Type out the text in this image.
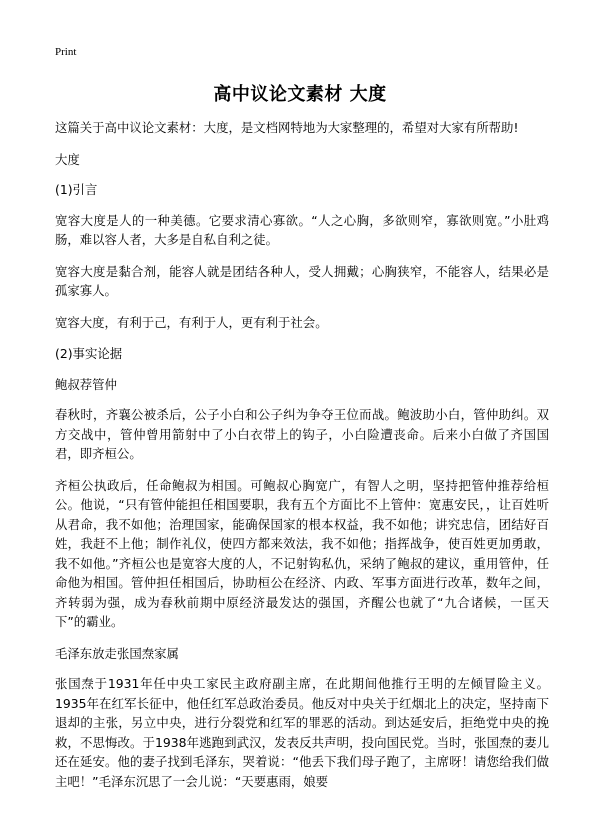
Print
高中议论文素材 大度

这篇关于高中议论文素材：大度，是文档网特地为大家整理的，希望对大家有所帮助!

大度

(1)引言

宽容大度是人的一种美德。它要求清心寡欲。“人之心胸，多欲则窄，寡欲则宽。”小肚鸡肠，难以容人者，大多是自私自利之徒。

宽容大度是黏合剂，能容人就是团结各种人，受人拥戴；心胸狭窄，不能容人，结果必是孤家寡人。

宽容大度，有利于己，有利于人，更有利于社会。

(2)事实论据

鲍叔荐管仲

春秋时，齐襄公被杀后，公子小白和公子纠为争夺王位而战。鲍波助小白，管仲助纠。双方交战中，管仲曾用箭射中了小白衣带上的钩子，小白险遭丧命。后来小白做了齐国国君，即齐桓公。

齐桓公执政后，任命鲍叔为相国。可鲍叔心胸宽广，有智人之明，坚持把管仲推荐给桓公。他说，“只有管仲能担任相国要职，我有五个方面比不上管仲：宽惠安民，，让百姓听从君命，我不如他；治理国家，能确保国家的根本权益，我不如他；讲究忠信，团结好百姓，我赶不上他；制作礼仪，使四方都来效法，我不如他；指挥战争，使百姓更加勇敢，我不如他。”齐桓公也是宽容大度的人，不记射钩私仇，采纳了鲍叔的建议，重用管仲，任命他为相国。管仲担任相国后，协助桓公在经济、内政、军事方面进行改革，数年之间，齐转弱为强，成为春秋前期中原经济最发达的强国，齐醒公也就了“九合诸候，一匡天下”的霸业。

毛泽东放走张国焘家属

张国焘于1931年任中央工家民主政府副主席，在此期间他推行王明的左倾冒险主义。1935年在红军长征中，他任红军总政治委员。他反对中央关于红烟北上的决定，坚持南下退却的主张，另立中央，进行分裂党和红军的罪恶的活动。到达延安后，拒绝党中央的挽救，不思悔改。于1938年逃跑到武汉，发表反共声明，投向国民党。当时，张国焘的妻儿还在延安。他的妻子找到毛泽东，哭着说：“他丢下我们母子跑了，主席呀！请您给我们做主吧！”毛泽东沉思了一会儿说：“天要惠雨，娘要
